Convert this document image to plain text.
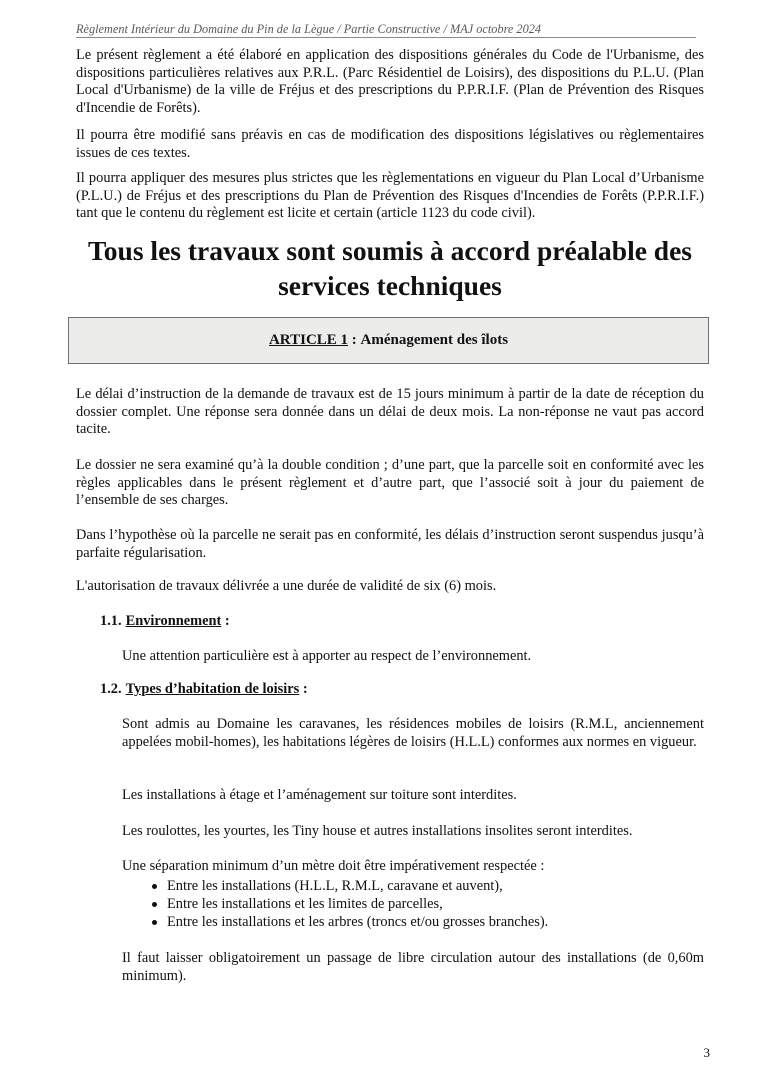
Règlement Intérieur du Domaine du Pin de la Lègue / Partie Constructive / MAJ octobre 2024

Le présent règlement a été élaboré en application des dispositions générales du Code de l'Urbanisme, des dispositions particulières relatives aux P.R.L. (Parc Résidentiel de Loisirs), des dispositions du P.L.U. (Plan Local d'Urbanisme) de la ville de Fréjus et des prescriptions du P.P.R.I.F. (Plan de Prévention des Risques d'Incendie de Forêts).

Il pourra être modifié sans préavis en cas de modification des dispositions législatives ou règlementaires issues de ces textes.

Il pourra appliquer des mesures plus strictes que les règlementations en vigueur du Plan Local d’Urbanisme (P.L.U.) de Fréjus et des prescriptions du Plan de Prévention des Risques d'Incendies de Forêts (P.P.R.I.F.) tant que le contenu du règlement est licite et certain (article 1123 du code civil).

Tous les travaux sont soumis à accord préalable des services techniques
ARTICLE 1 : Aménagement des îlots

Le délai d’instruction de la demande de travaux est de 15 jours minimum à partir de la date de réception du dossier complet. Une réponse sera donnée dans un délai de deux mois. La non-réponse ne vaut pas accord tacite.

Le dossier ne sera examiné qu’à la double condition ; d’une part, que la parcelle soit en conformité avec les règles applicables dans le présent règlement et d’autre part, que l’associé soit à jour du paiement de l’ensemble de ses charges.

Dans l’hypothèse où la parcelle ne serait pas en conformité, les délais d’instruction seront suspendus jusqu’à parfaite régularisation.

L'autorisation de travaux délivrée a une durée de validité de six (6) mois.

1.1. Environnement :

Une attention particulière est à apporter au respect de l’environnement.

1.2. Types d’habitation de loisirs :

Sont admis au Domaine les caravanes, les résidences mobiles de loisirs (R.M.L, anciennement appelées mobil-homes), les habitations légères de loisirs (H.L.L) conformes aux normes en vigueur.

Les installations à étage et l’aménagement sur toiture sont interdites.

Les roulottes, les yourtes, les Tiny house et autres installations insolites seront interdites.

Une séparation minimum d’un mètre doit être impérativement respectée :

Entre les installations (H.L.L, R.M.L, caravane et auvent),
Entre les installations et les limites de parcelles,
Entre les installations et les arbres (troncs et/ou grosses branches).

Il faut laisser obligatoirement un passage de libre circulation autour des installations (de 0,60m minimum).

3
